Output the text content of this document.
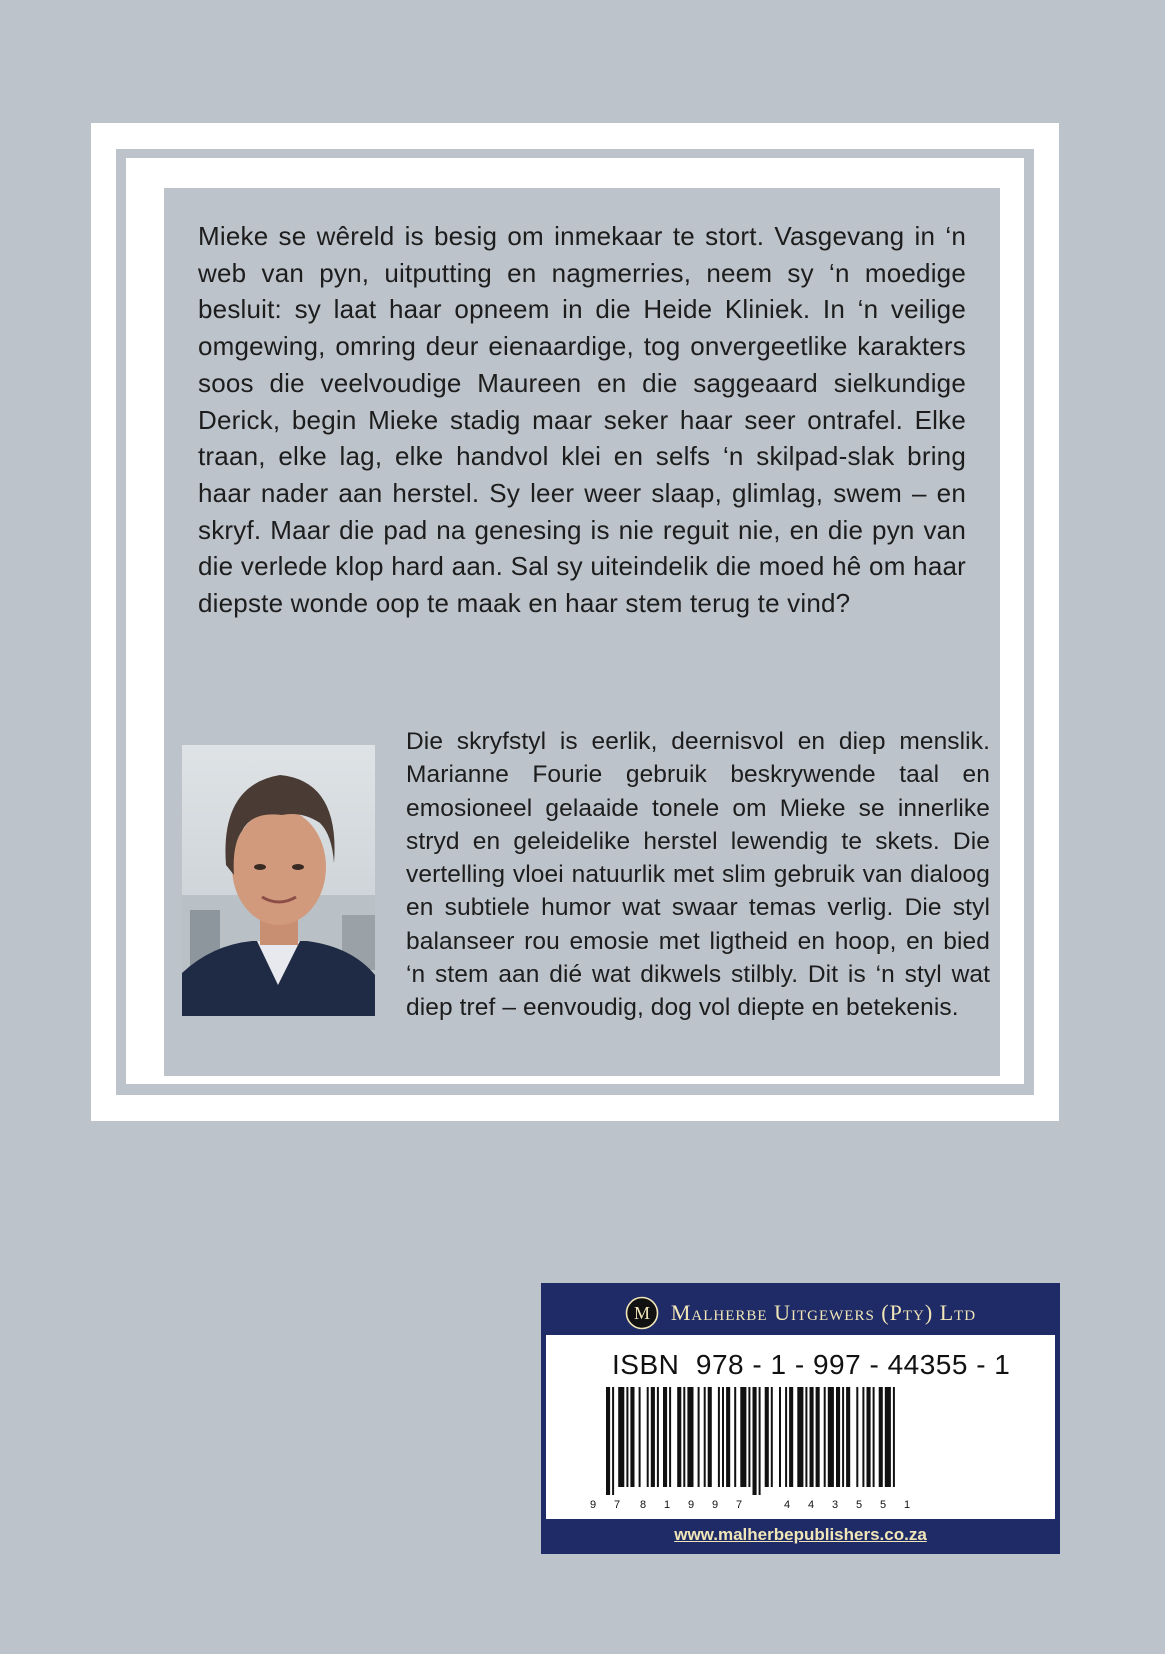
Mieke se wêreld is besig om inmekaar te stort. Vasgevang in ‘n web van pyn, uitputting en nagmerries, neem sy ‘n moedige besluit: sy laat haar opneem in die Heide Kliniek. In ‘n veilige omgewing, omring deur eienaardige, tog onvergeetlike karakters soos die veelvoudige Maureen en die saggeaard sielkundige Derick, begin Mieke stadig maar seker haar seer ontrafel. Elke traan, elke lag, elke handvol klei en selfs ‘n skilpad-slak bring haar nader aan herstel. Sy leer weer slaap, glimlag, swem – en skryf. Maar die pad na genesing is nie reguit nie, en die pyn van die verlede klop hard aan. Sal sy uiteindelik die moed hê om haar diepste wonde oop te maak en haar stem terug te vind?

Die skryfstyl is eerlik, deernisvol en diep menslik. Marianne Fourie gebruik beskrywende taal en emosioneel gelaaide tonele om Mieke se innerlike stryd en geleidelike herstel lewendig te skets. Die vertelling vloei natuurlik met slim gebruik van dialoog en subtiele humor wat swaar temas verlig. Die styl balanseer rou emosie met ligtheid en hoop, en bied ‘n stem aan dié wat dikwels stilbly. Dit is ‘n styl wat diep tref – eenvoudig, dog vol diepte en betekenis.

M Malherbe Uitgewers (Pty) Ltd
ISBN  978 - 1 - 997 - 44355 - 1
9 7 8 1 9 9 7	4 4 3 5 5 1
www.malherbepublishers.co.za
